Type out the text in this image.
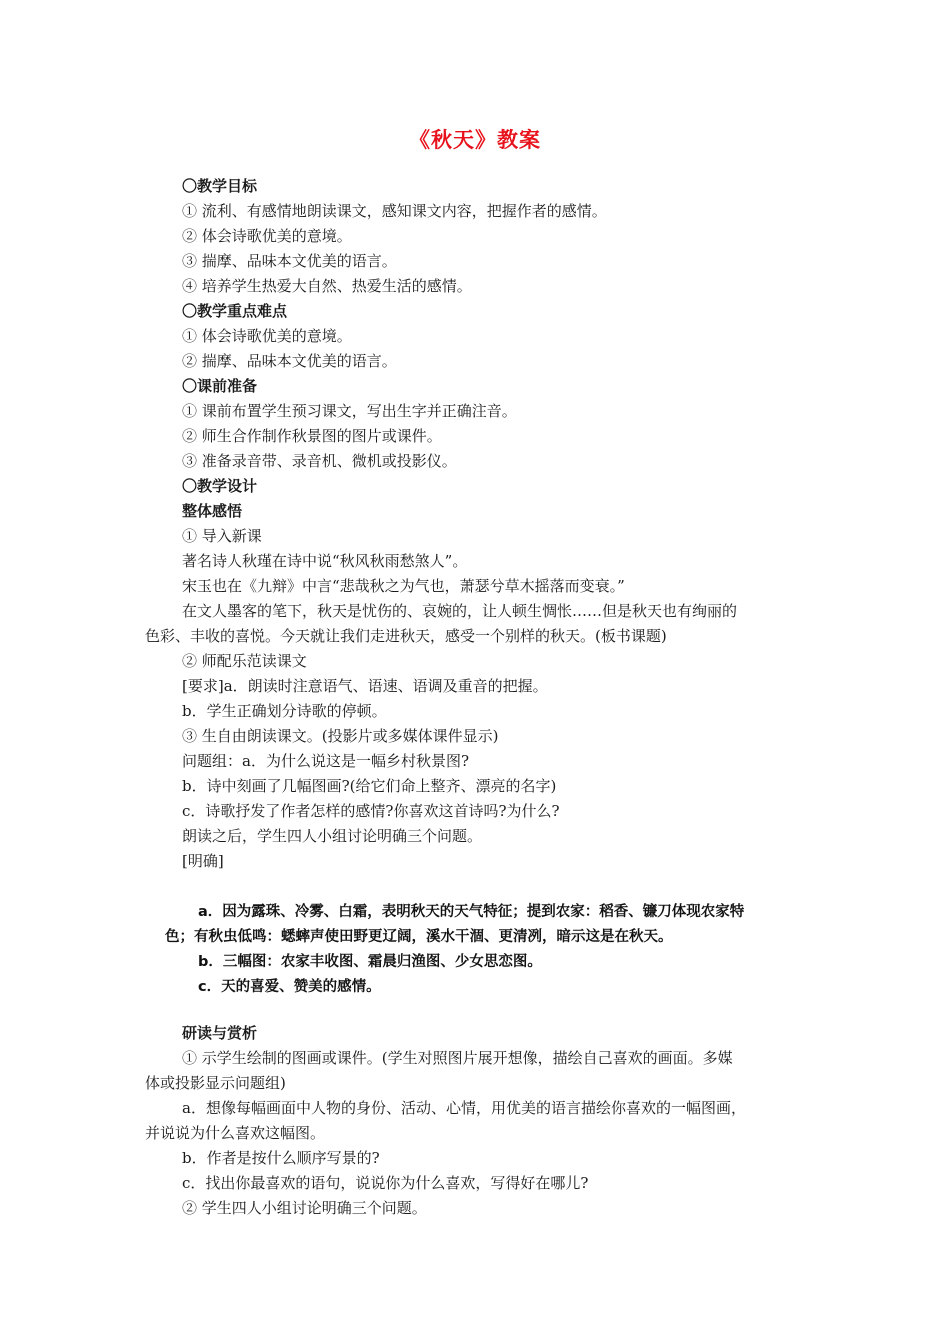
《秋天》教案
〇教学目标
① 流利、有感情地朗读课文，感知课文内容，把握作者的感情。
② 体会诗歌优美的意境。
③ 揣摩、品味本文优美的语言。
④ 培养学生热爱大自然、热爱生活的感情。
〇教学重点难点
① 体会诗歌优美的意境。
② 揣摩、品味本文优美的语言。
〇课前准备
① 课前布置学生预习课文，写出生字并正确注音。
② 师生合作制作秋景图的图片或课件。
③ 准备录音带、录音机、微机或投影仪。
〇教学设计
整体感悟
① 导入新课
著名诗人秋瑾在诗中说“秋风秋雨愁煞人”。
宋玉也在《九辩》中言“悲哉秋之为气也，萧瑟兮草木摇落而变衰。”
在文人墨客的笔下，秋天是忧伤的、哀婉的，让人顿生惆怅……但是秋天也有绚丽的
色彩、丰收的喜悦。今天就让我们走进秋天，感受一个别样的秋天。(板书课题)
② 师配乐范读课文
[要求]a．朗读时注意语气、语速、语调及重音的把握。
b．学生正确划分诗歌的停顿。
③ 生自由朗读课文。(投影片或多媒体课件显示)
问题组：a．为什么说这是一幅乡村秋景图?
b．诗中刻画了几幅图画?(给它们命上整齐、漂亮的名字)
c．诗歌抒发了作者怎样的感情?你喜欢这首诗吗?为什么?
朗读之后，学生四人小组讨论明确三个问题。
[明确]
a．因为露珠、冷雾、白霜，表明秋天的天气特征；提到农家：稻香、镰刀体现农家特
色；有秋虫低鸣：蟋蟀声使田野更辽阔，溪水干涸、更清冽，暗示这是在秋天。
b．三幅图：农家丰收图、霜晨归渔图、少女思恋图。
c．天的喜爱、赞美的感情。
研读与赏析
① 示学生绘制的图画或课件。(学生对照图片展开想像，描绘自己喜欢的画面。多媒
体或投影显示问题组)
a．想像每幅画面中人物的身份、活动、心情，用优美的语言描绘你喜欢的一幅图画，
并说说为什么喜欢这幅图。
b．作者是按什么顺序写景的?
c．找出你最喜欢的语句，说说你为什么喜欢，写得好在哪儿?
② 学生四人小组讨论明确三个问题。
